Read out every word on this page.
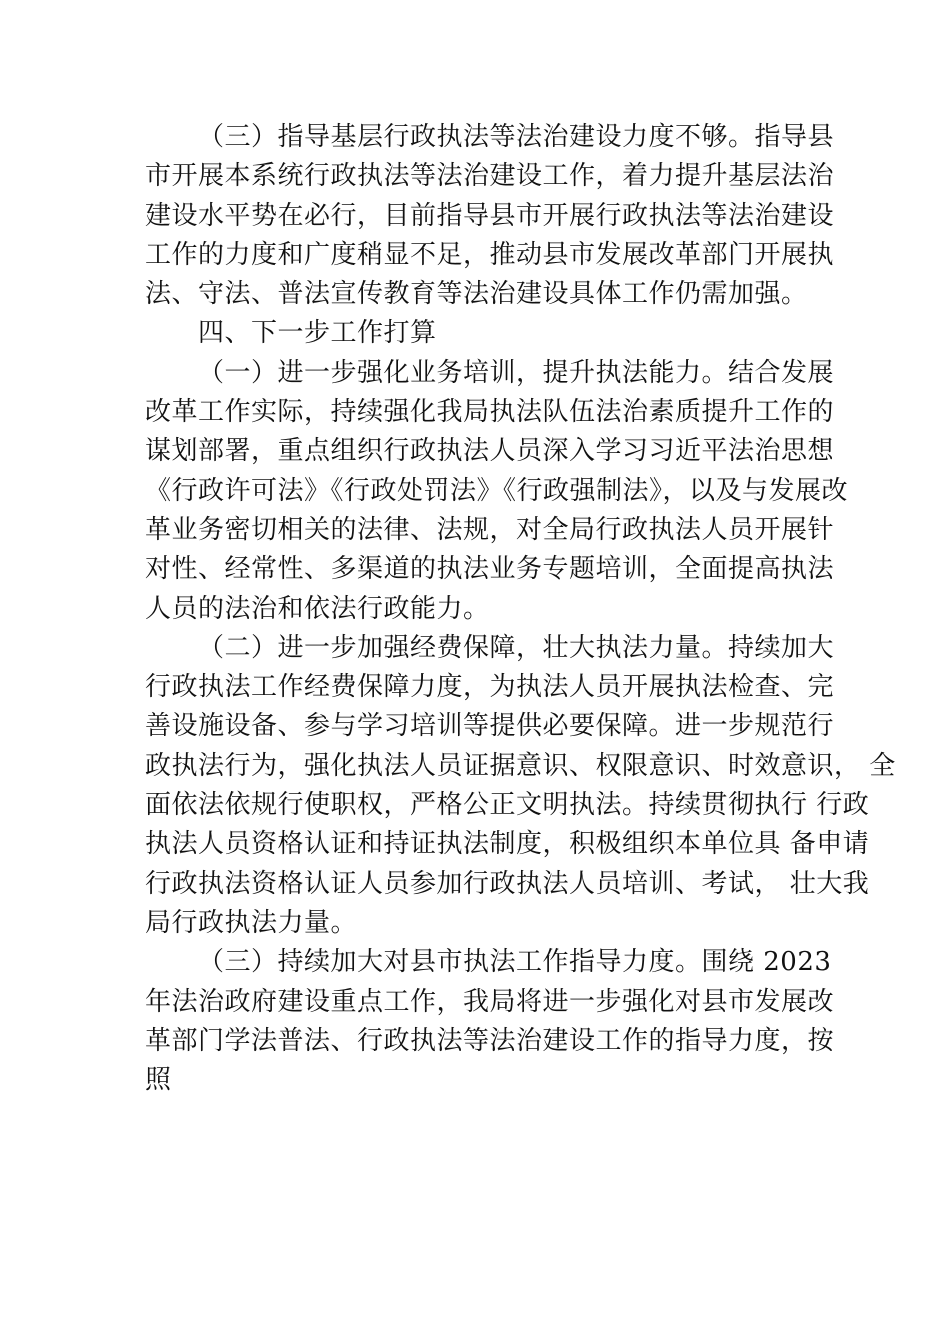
（三）指导基层行政执法等法治建设力度不够。指导县
市开展本系统行政执法等法治建设工作，着力提升基层法治
建设水平势在必行，目前指导县市开展行政执法等法治建设
工作的力度和广度稍显不足，推动县市发展改革部门开展执
法、守法、普法宣传教育等法治建设具体工作仍需加强。
四、下一步工作打算
（一）进一步强化业务培训，提升执法能力。结合发展
改革工作实际，持续强化我局执法队伍法治素质提升工作的
谋划部署，重点组织行政执法人员深入学习习近平法治思想
《行政许可法》《行政处罚法》《行政强制法》，以及与发展改
革业务密切相关的法律、法规，对全局行政执法人员开展针
对性、经常性、多渠道的执法业务专题培训，全面提高执法
人员的法治和依法行政能力。
（二）进一步加强经费保障，壮大执法力量。持续加大
行政执法工作经费保障力度，为执法人员开展执法检查、完
善设施设备、参与学习培训等提供必要保障。进一步规范行
政执法行为，强化执法人员证据意识、权限意识、时效意识， 全
面依法依规行使职权，严格公正文明执法。持续贯彻执行 行政
执法人员资格认证和持证执法制度，积极组织本单位具 备申请
行政执法资格认证人员参加行政执法人员培训、考试， 壮大我
局行政执法力量。
（三）持续加大对县市执法工作指导力度。围绕 2023
年法治政府建设重点工作，我局将进一步强化对县市发展改
革部门学法普法、行政执法等法治建设工作的指导力度，按
照
